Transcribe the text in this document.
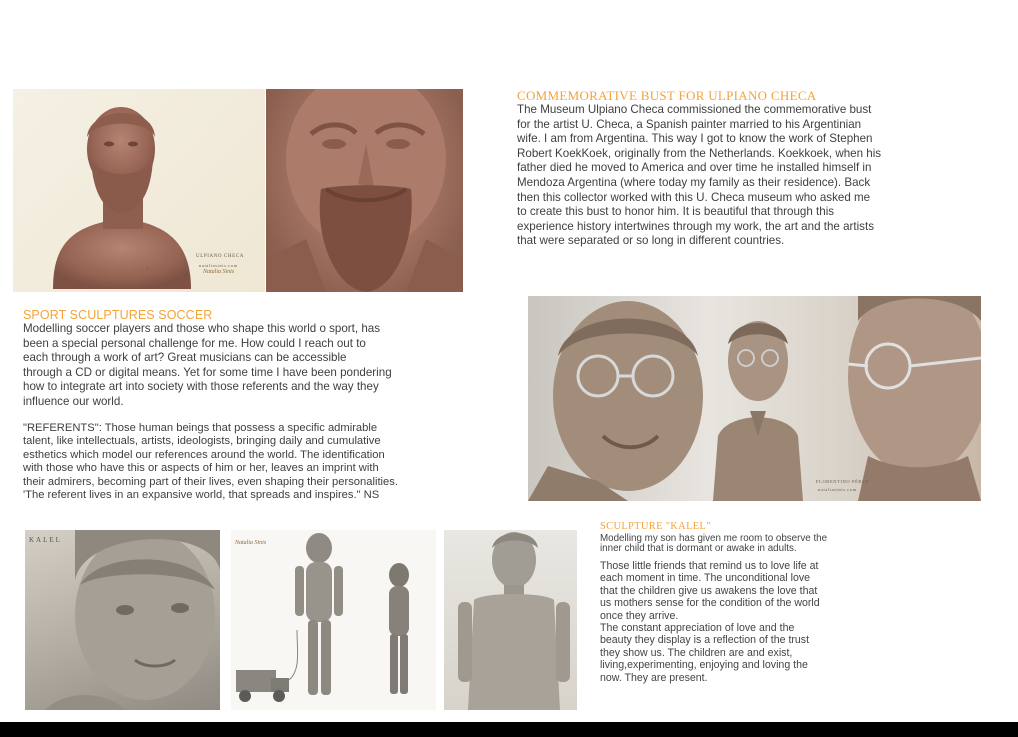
ULPIANO CHECA
nataliasinis.com
Natalia Sinis
1
COMMEMORATIVE BUST FOR ULPIANO CHECA
The Museum Ulpiano Checa commissioned the commemorative bust
for the artist U. Checa, a Spanish painter married to his Argentinian
wife. I am from Argentina. This way I got to know the work of Stephen
Robert KoekKoek, originally from the Netherlands. Koekkoek, when his
father died he moved to America and over time he installed himself in
Mendoza Argentina (where today my family as their residence). Back
then this collector worked with this U. Checa museum who asked me
to create this bust to honor him. It is beautiful that through this
experience history intertwines through my work, the art and the artists
that were separated or so long in different countries.
SPORT SCULPTURES SOCCER
Modelling soccer players and those who shape this world o sport, has
been a special personal challenge for me. How could I reach out to
each through a work of art? Great musicians can be accessible
through a CD or digital means. Yet for some time I have been pondering
how to integrate art into society with those referents and the way they
influence our world.
"REFERENTS": Those human beings that possess a specific admirable
talent, like intellectuals, artists, ideologists, bringing daily and cumulative
esthetics which model our references around the world. The identification
with those who have this or aspects of him or her, leaves an imprint with
their admirers, becoming part of their lives, even shaping their personalities.
'The referent lives in an expansive world, that spreads and inspires." NS
FLORENTINO PÉREZ
nataliasinis.com
KALEL	Natalia Sinis
SCULPTURE "KALEL"
Modelling my son has given me room to observe the
inner child that is dormant or awake in adults.
Those little friends that remind us to love life at
each moment in time. The unconditional love
that the children give us awakens the love that
us mothers sense for the condition of the world
once they arrive.
The constant appreciation of love and the
beauty they display is a reflection of the trust
they show us. The children are and exist,
living,experimenting, enjoying and loving the
now. They are present.
